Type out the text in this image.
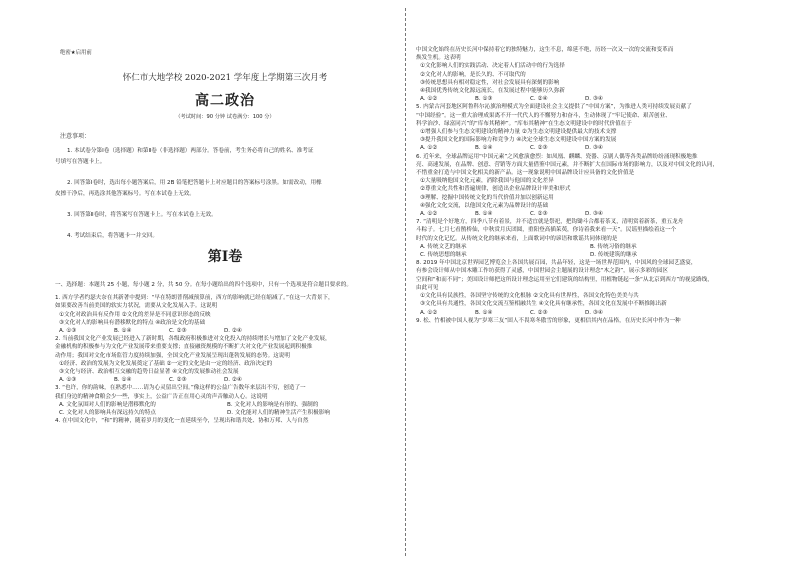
绝密★启用前
怀仁市大地学校 2020-2021 学年度上学期第三次月考
高二政治
（考试时间：90 分钟 试卷满分：100 分）
注意事项：
1. 本试卷分第Ⅰ卷（选择题）和第Ⅱ卷（非选择题）两部分。答卷前，考生务必将自己的姓名、准考证
号填写在答题卡上。
2. 回答第Ⅰ卷时，选出每小题答案后，用 2B 铅笔把答题卡上对应题目的答案标号涂黑。如需改动，用橡
皮擦干净后，再选涂其他答案标号。写在本试卷上无效。
3. 回答第Ⅱ卷时，将答案写在答题卡上。写在本试卷上无效。
4. 考试结束后，将答题卡一并交回。
第Ⅰ卷
一、选择题：本题共 25 小题，每小题 2 分，共 50 分。在每小题给出的四个选项中，只有一个选项是符合题目要求的。
1. 西方学者约瑟夫奈在其新著中提到：“早在特朗普削减预算前，西方的影响就已经在缩减了。”在这一大背景下，
如果要改善当前美国的软实力状况，需要从文化发展入手。这说明
①文化对政治具有反作用 ②文化的差异是不同意识形态的反映
③文化对人的影响具有潜移默化的特点 ④政治是文化的基础
A. ①③	B. ①④	C. ②③	D. ②④
2. 当前我国文化产业发展已经进入了新时期，各级政府积极推进对文化投入的持续增长与增加了文化产业发展，
金融机构的积极参与为文化产业发展带来重要支撑；直接融资规模的不断扩大对文化产业发展起到积极推
动作用；我国对文化市场监管力度持续加强，全国文化产业发展呈现出蓬勃发展的态势。这说明
①经济、政治的发展为文化发展奠定了基础 ②一定的文化是由一定的经济、政治决定的
③文化与经济、政治相互交融的趋势日益显著 ④文化的发展推动社会发展
A. ①③	B. ①④	C. ②③	D. ②④
3. “也许，你的韵味，在熟悉中……请为心灵留出空间。”像这样的公益广告数年来层出不穷，创造了一
我们身边的精神食粮会少一些，事实上，公益广告正在用心灵的声音触动人心。这说明
A. 文化氛围对人们的影响是潜移默化的	B. 文化对人的影响是有形的、强制的
C. 文化对人的影响具有深远持久的特点	D. 文化能对人们的精神生活产生积极影响
4. 在中国文化中，“和”的精神，随着岁月的变化一直延续至今，呈现出和谐共处、协和万邦、人与自然
中国文化始终在历史长河中保持着它的独特魅力，这生不息，绵延不绝，历经一次又一次的交流和变革而
焕发生机。这表明
①文化影响人们的实践活动、决定着人们活动中的行为选择
②文化对人的影响，是长久的、不可取代的
③传统思想具有相对稳定性，对社会发展具有深刻的影响
④我国优秀传统文化源远流长，在发展过程中能够历久弥新
A. ①②	B. ①③	C. ②④	D. ③④
5. 内蒙古河套地区阿鲁科尔沁旗治理模式为全面建设社会主义提供了“中国方案”，为推进人类可持续发展贡献了
“中国经验”。这一重大治理成果离不开一代代人的不懈努力和奋斗，生动体现了“牢记使命、艰苦创业、
科学治沙、绿富同兴”的“库布其精神”。“库布其精神”在生态文明建设中的时代价值在于
①增强人们参与生态文明建设的精神力量 ②为生态文明建设提供最大的技术支撑
③提升我国文化的国际影响力和竞争力 ④决定全球生态文明建设中国方案的发展
A. ①②	B. ①④	C. ②③	D. ③④
6. 近年来，全球品牌运用“中国元素”之风愈演愈烈：如凤凰、麒麟、瓷器、京剧人偶等各类品牌纷纷涌现积极地推
亮、高速发展，在品牌、创意、营销等方面大量借鉴中国元素，并不断扩大在国际市场的影响力，以及对中国文化的认同，
不惜重金打造与中国文化相关的新产品。这一现象说明中国品牌设计应具备的文化价值是
①大量吸纳他国文化元素，消除我国与他国的文化差异
②尊重文化共性和普遍规律，创造出企业品牌设计审美和形式
③理解、挖掘中国传统文化的当代价值并加以创新运用
④强化文化交流，以他国文化元素为品牌设计的基础
A. ①②	B. ①④	C. ②③	D. ③④
7. “清明是个好地方，四季八节有着景，并不适宜就是祭祀，把钩锄斗合都着茶叉，清明赏着新茶，重五龙舟
斗粽子。七月七看鹊桥仙，中秋赏月庆团圆，重阳登高插茱萸，你诗着我来看一天”。民谣里描绘着这一个
时代的文化记忆。从传统文化的继承来看，上面歌词中的谚语和歌谣共同体现的是
A. 传统文艺的继承	B. 传统习俗的继承
C. 传统思想的继承	D. 传统建筑的继承
8. 2019 年中国北京世界园艺博览会上各国共展百园，共品年轻，这是一场世界范围内，中国风的全球园艺盛宴，
有参会设计师从中国木雕工作坊获得了灵感，中国世园会主题展的设计理念“木之韵”，展示多彩的园区
空间和“和而不同”；美国设计师把这所设计理念运用至它们建筑的结构里，用植物链起一条“从北京到西方”的视觉路线，
由此可见
①文化具有民族性，各国坚守传统的文化根脉 ②文化具有世界性，各国文化特色美美与共
③文化具有共通性，各国文化交流互鉴相融共生 ④文化具有继承性，各国文化在发展中不断推陈出新
A. ①②	B. ①④	C. ②③	D. ③④
9. 松、竹相被中国人视为“岁寒三友”固人不畏寒冬傲雪的形象，更相信其内在品格，在历史长河中作为一种
